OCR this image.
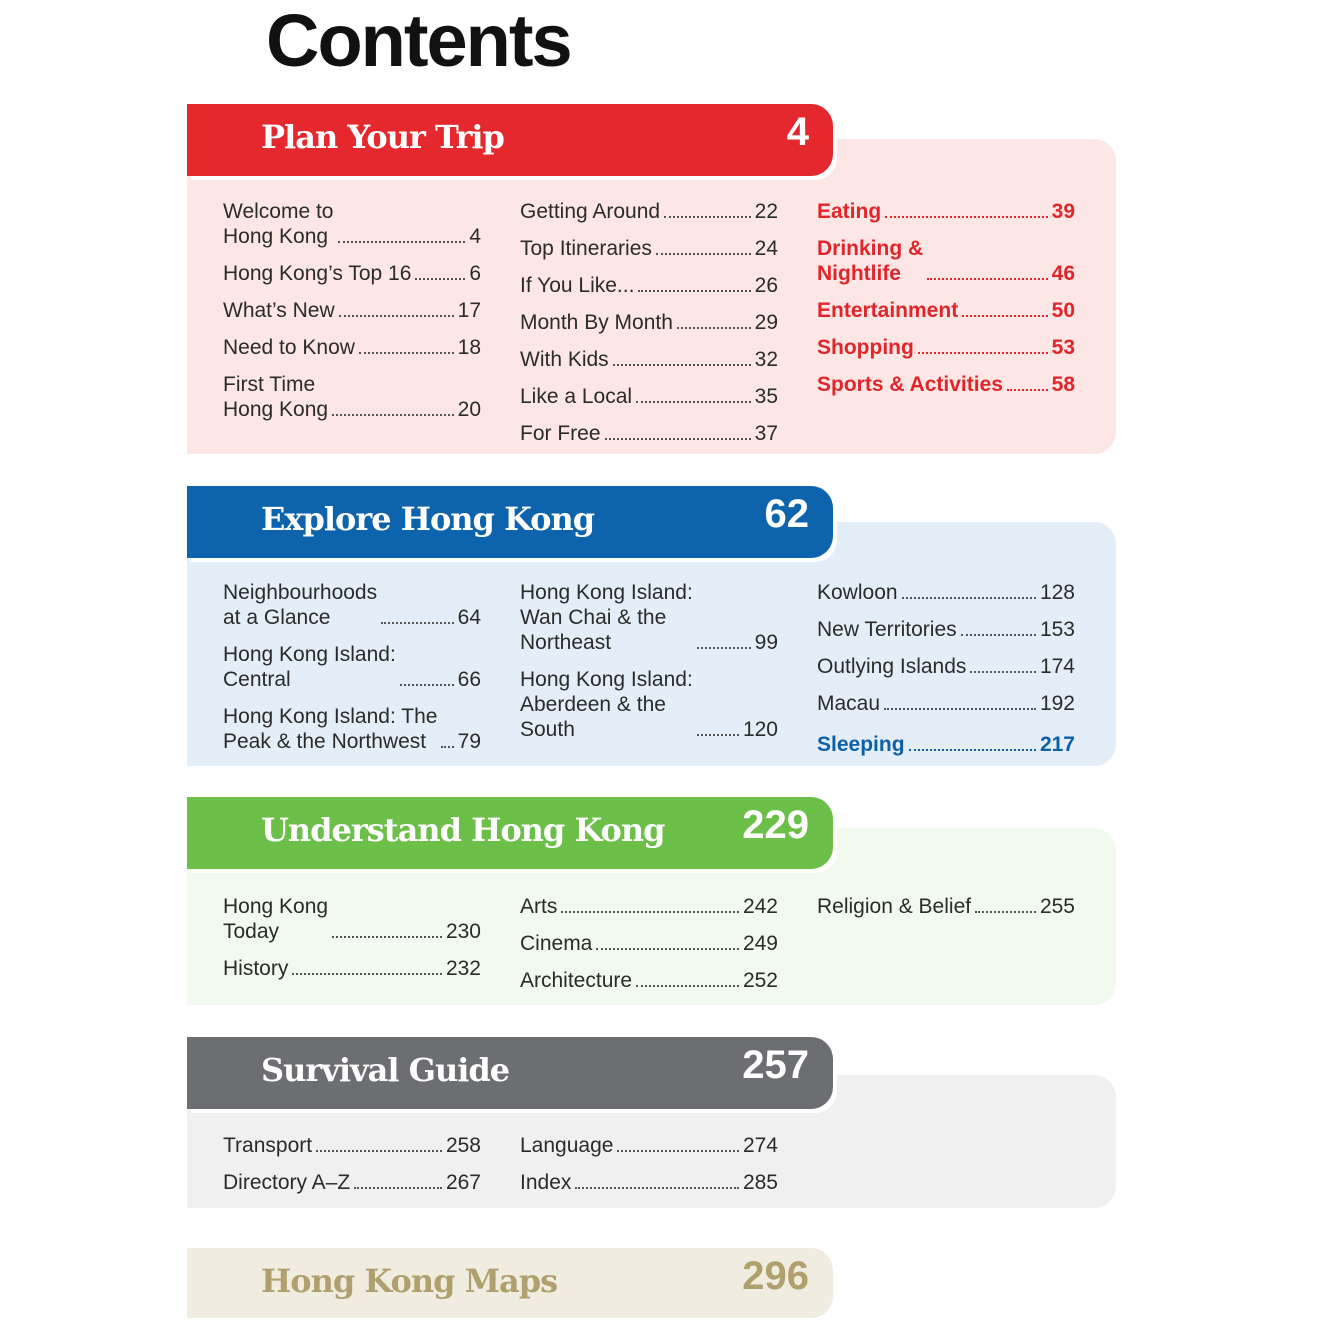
Contents
Plan Your Trip	4
Welcome to
Hong Kong	4
Hong Kong’s Top 16	6
What’s New	17
Need to Know	18
First Time
Hong Kong	20
Getting Around	22
Top Itineraries	24
If You Like...	26
Month By Month	29
With Kids	32
Like a Local	35
For Free	37
Eating	39
Drinking &
Nightlife	46
Entertainment	50
Shopping	53
Sports & Activities 58
Explore Hong Kong	62
Neighbourhoods
at a Glance	64
Hong Kong Island:
Central	66
Hong Kong Island: The
Peak & the Northwest	79
Hong Kong Island:
Wan Chai & the
Northeast	99
Hong Kong Island:
Aberdeen & the
South	120
Kowloon	128
New Territories	153
Outlying Islands	174
Macau	192
Sleeping	217
Understand Hong Kong 229
Hong Kong
Today	230
History	232
Arts	242
Cinema	249
Architecture	252
Religion & Belief	255
Survival Guide	257
Transport	258
Directory A–Z	267
Language	274
Index	285
Hong Kong Maps	296
